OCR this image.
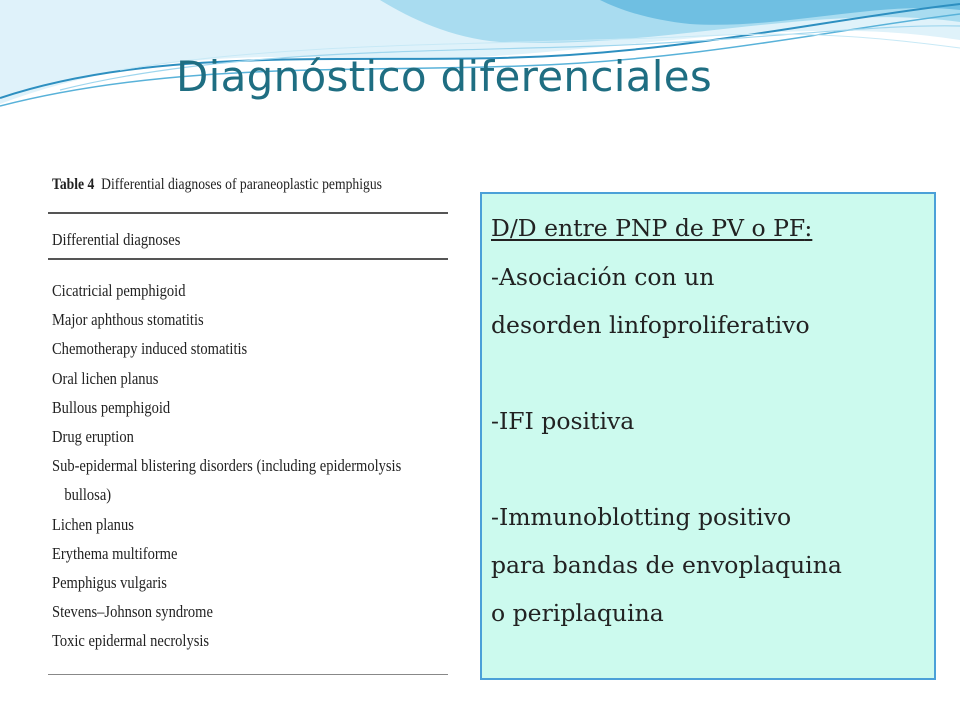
Diagnóstico diferenciales
Table 4 Differential diagnoses of paraneoplastic pemphigus
Differential diagnoses
Cicatricial pemphigoid
Major aphthous stomatitis
Chemotherapy induced stomatitis
Oral lichen planus
Bullous pemphigoid
Drug eruption
Sub-epidermal blistering disorders (including epidermolysis
bullosa)
Lichen planus
Erythema multiforme
Pemphigus vulgaris
Stevens–Johnson syndrome
Toxic epidermal necrolysis
D/D entre PNP de PV o PF:
-Asociación con un
desorden linfoproliferativo
-IFI positiva
-Immunoblotting positivo
para bandas de envoplaquina
o periplaquina
